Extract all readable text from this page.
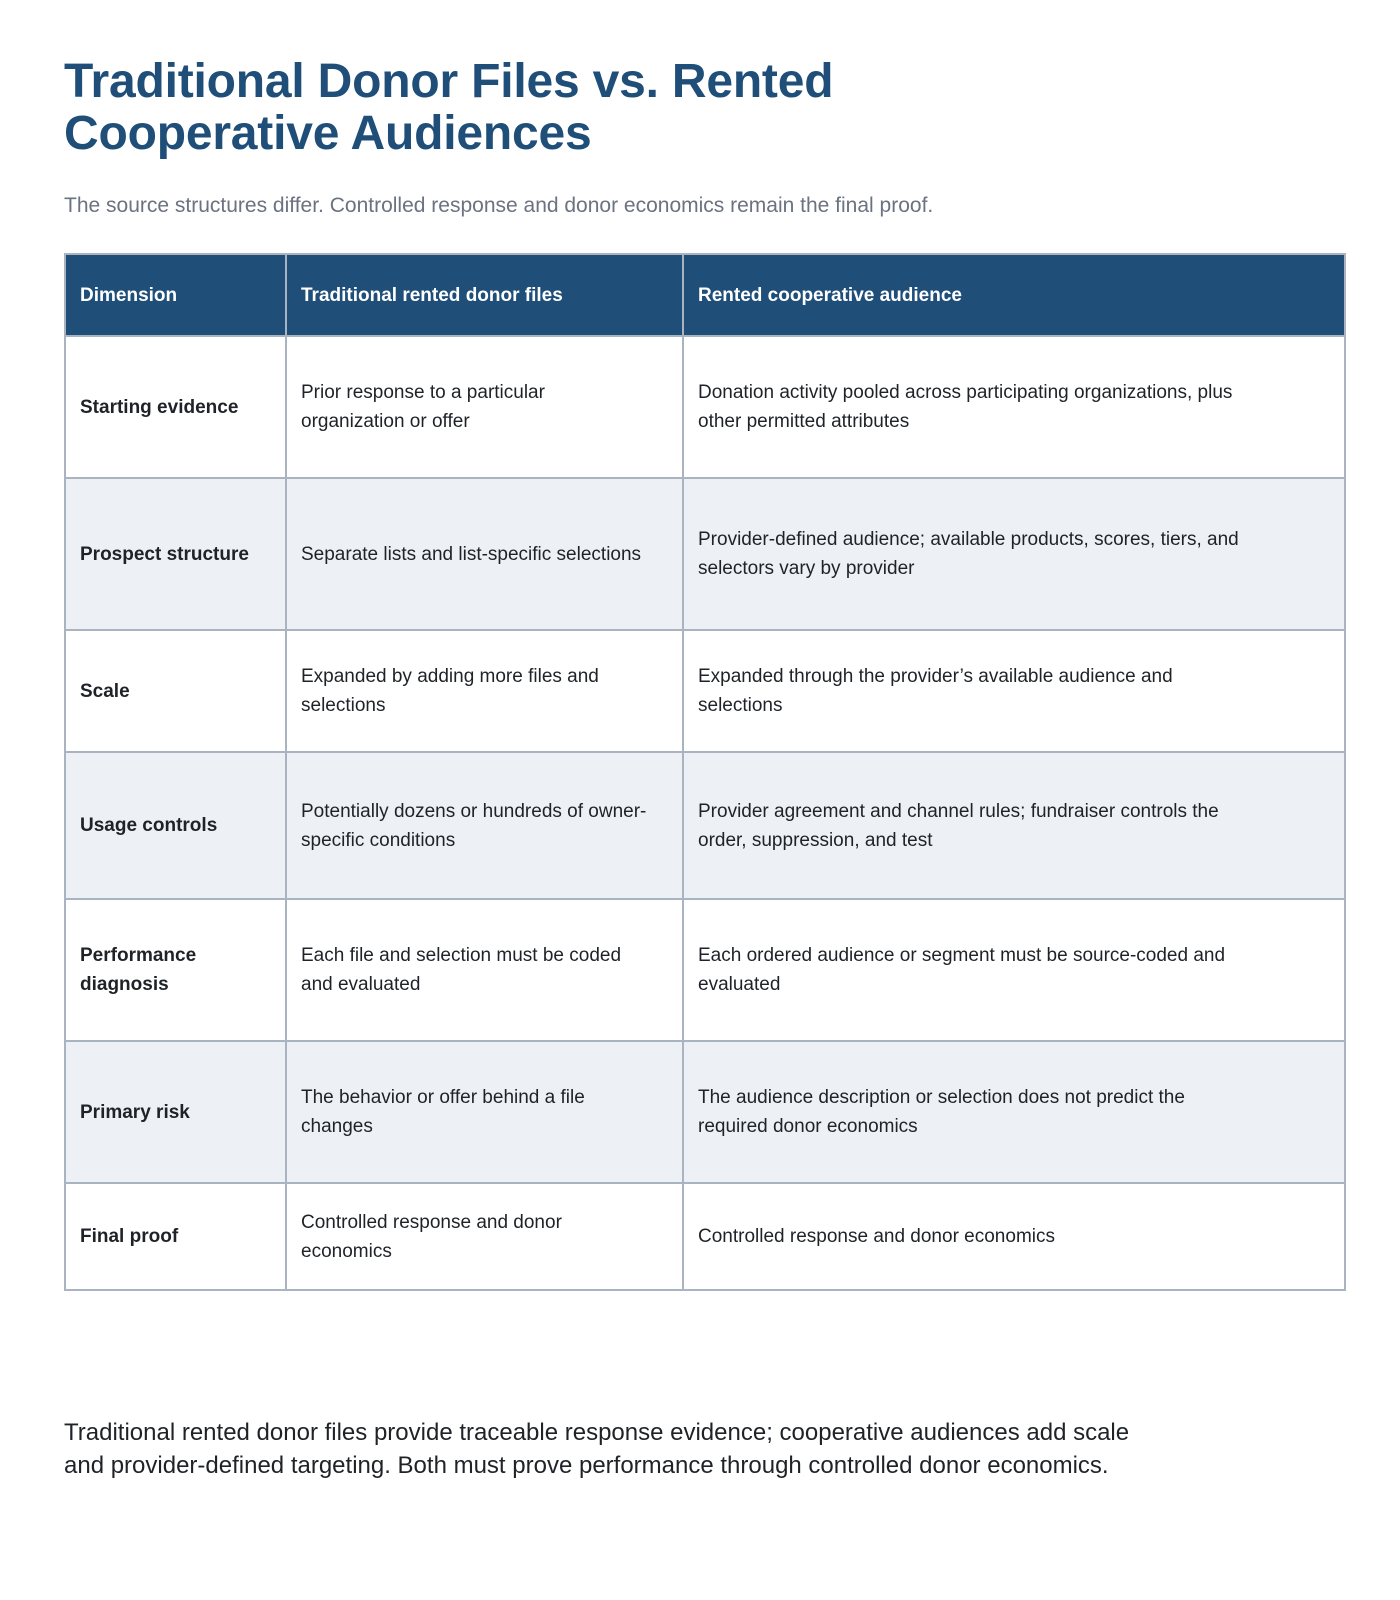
Traditional Donor Files vs. Rented Cooperative Audiences

The source structures differ. Controlled response and donor economics remain the final proof.

Dimension	Traditional rented donor files	Rented cooperative audience

Starting evidence	Prior response to a particular organization or offer	Donation activity pooled across participating organizations, plus other permitted attributes

Prospect structure	Separate lists and list-specific selections	Provider-defined audience; available products, scores, tiers, and selectors vary by provider

Scale	Expanded by adding more files and selections	Expanded through the provider’s available audience and selections

Usage controls	Potentially dozens or hundreds of owner-specific conditions	Provider agreement and channel rules; fundraiser controls the order, suppression, and test

Performance diagnosis	Each file and selection must be coded and evaluated	Each ordered audience or segment must be source-coded and evaluated

Primary risk	The behavior or offer behind a file changes	The audience description or selection does not predict the required donor economics

Final proof	Controlled response and donor economics	Controlled response and donor economics

Traditional rented donor files provide traceable response evidence; cooperative audiences add scale and provider-defined targeting. Both must prove performance through controlled donor economics.
